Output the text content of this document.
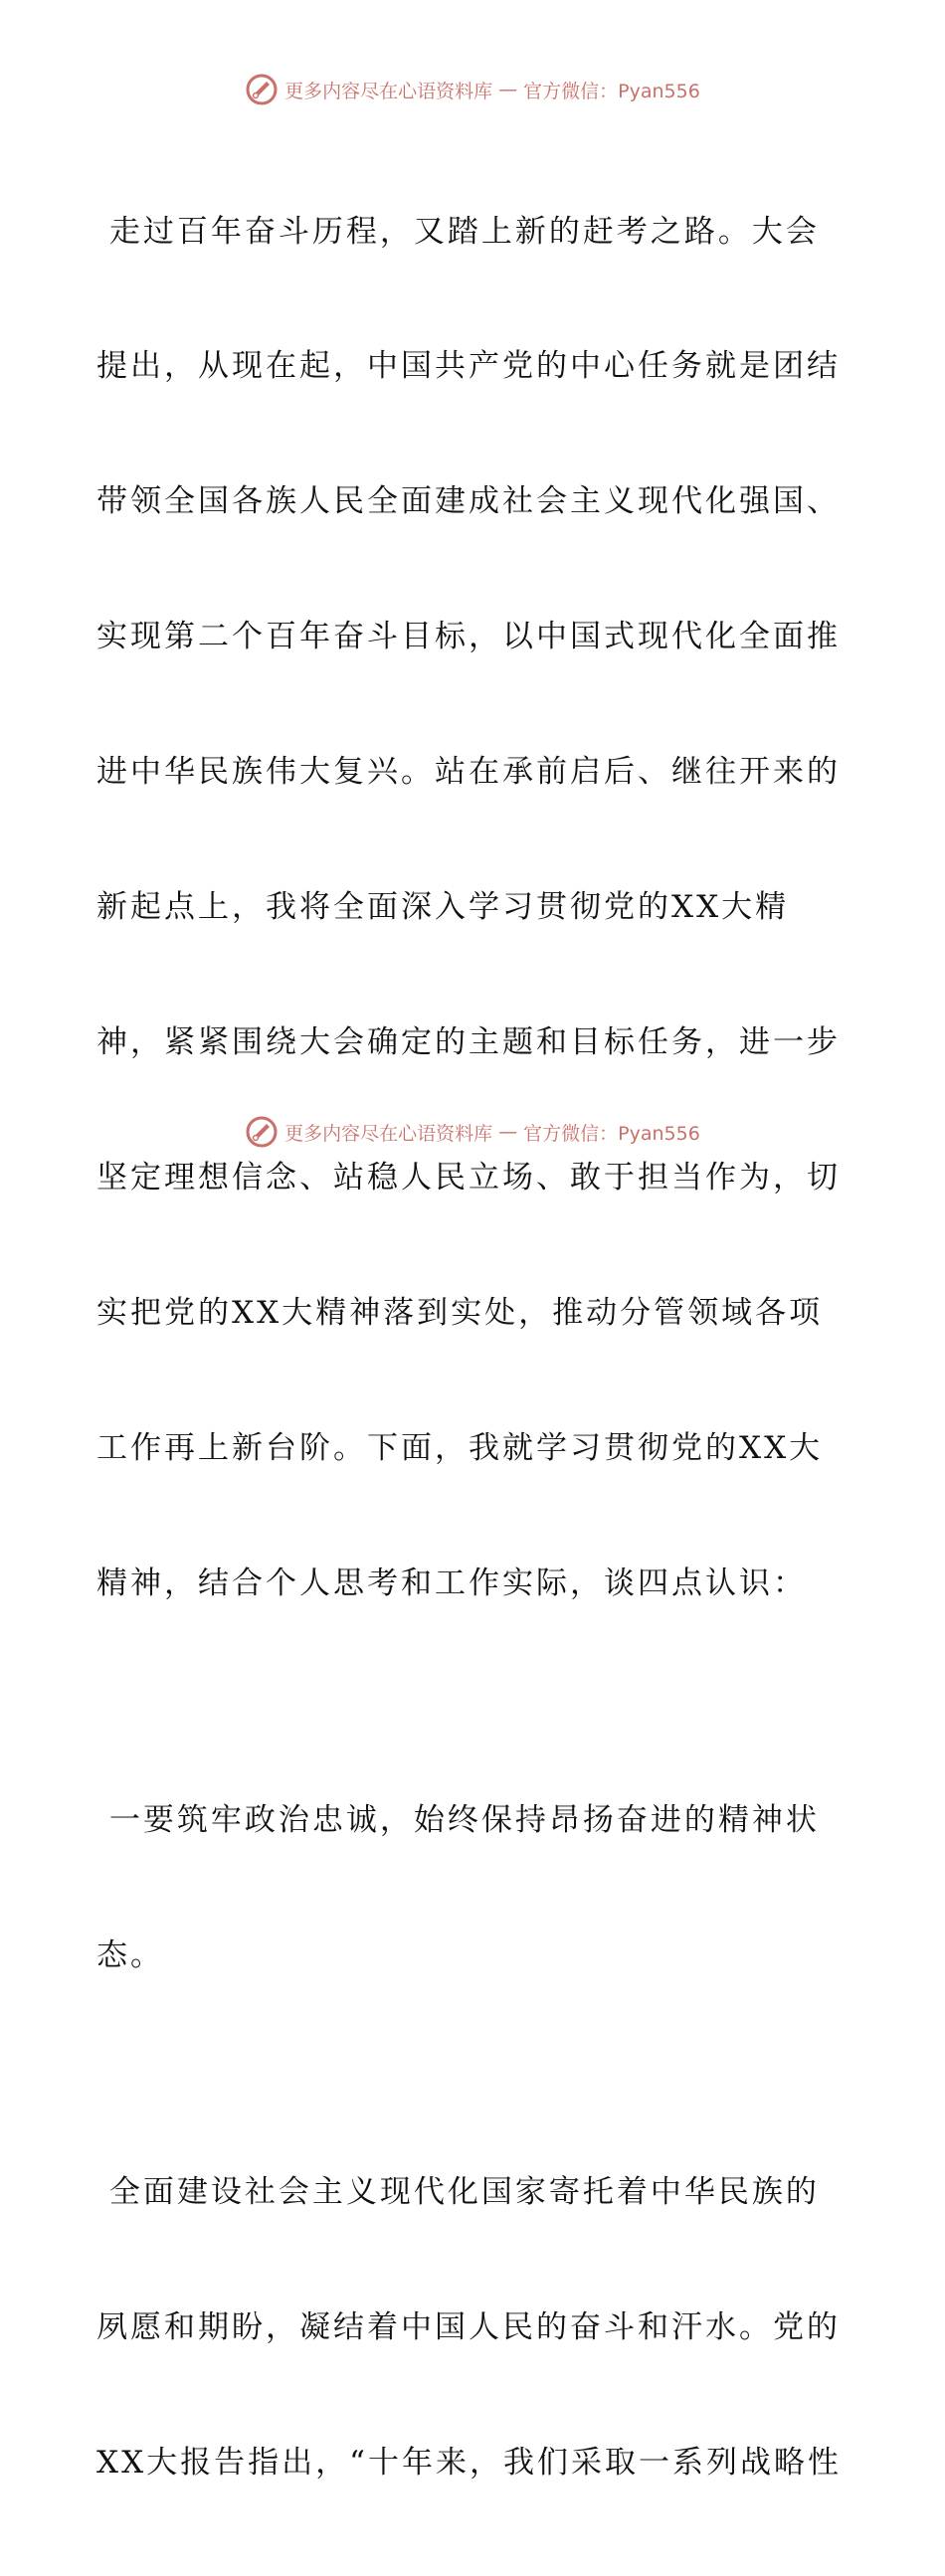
更多内容尽在心语资料库 — 官方微信：Pyan556

走过百年奋斗历程，又踏上新的赶考之路。大会

提出，从现在起，中国共产党的中心任务就是团结

带领全国各族人民全面建成社会主义现代化强国、

实现第二个百年奋斗目标，以中国式现代化全面推

进中华民族伟大复兴。站在承前启后、继往开来的

新起点上，我将全面深入学习贯彻党的XX大精

神，紧紧围绕大会确定的主题和目标任务，进一步

坚定理想信念、站稳人民立场、敢于担当作为，切

实把党的XX大精神落到实处，推动分管领域各项

工作再上新台阶。下面，我就学习贯彻党的XX大

精神，结合个人思考和工作实际，谈四点认识：

一要筑牢政治忠诚，始终保持昂扬奋进的精神状

态。

全面建设社会主义现代化国家寄托着中华民族的

夙愿和期盼，凝结着中国人民的奋斗和汗水。党的

XX大报告指出，“十年来，我们采取一系列战略性

更多内容尽在心语资料库 — 官方微信：Pyan556
